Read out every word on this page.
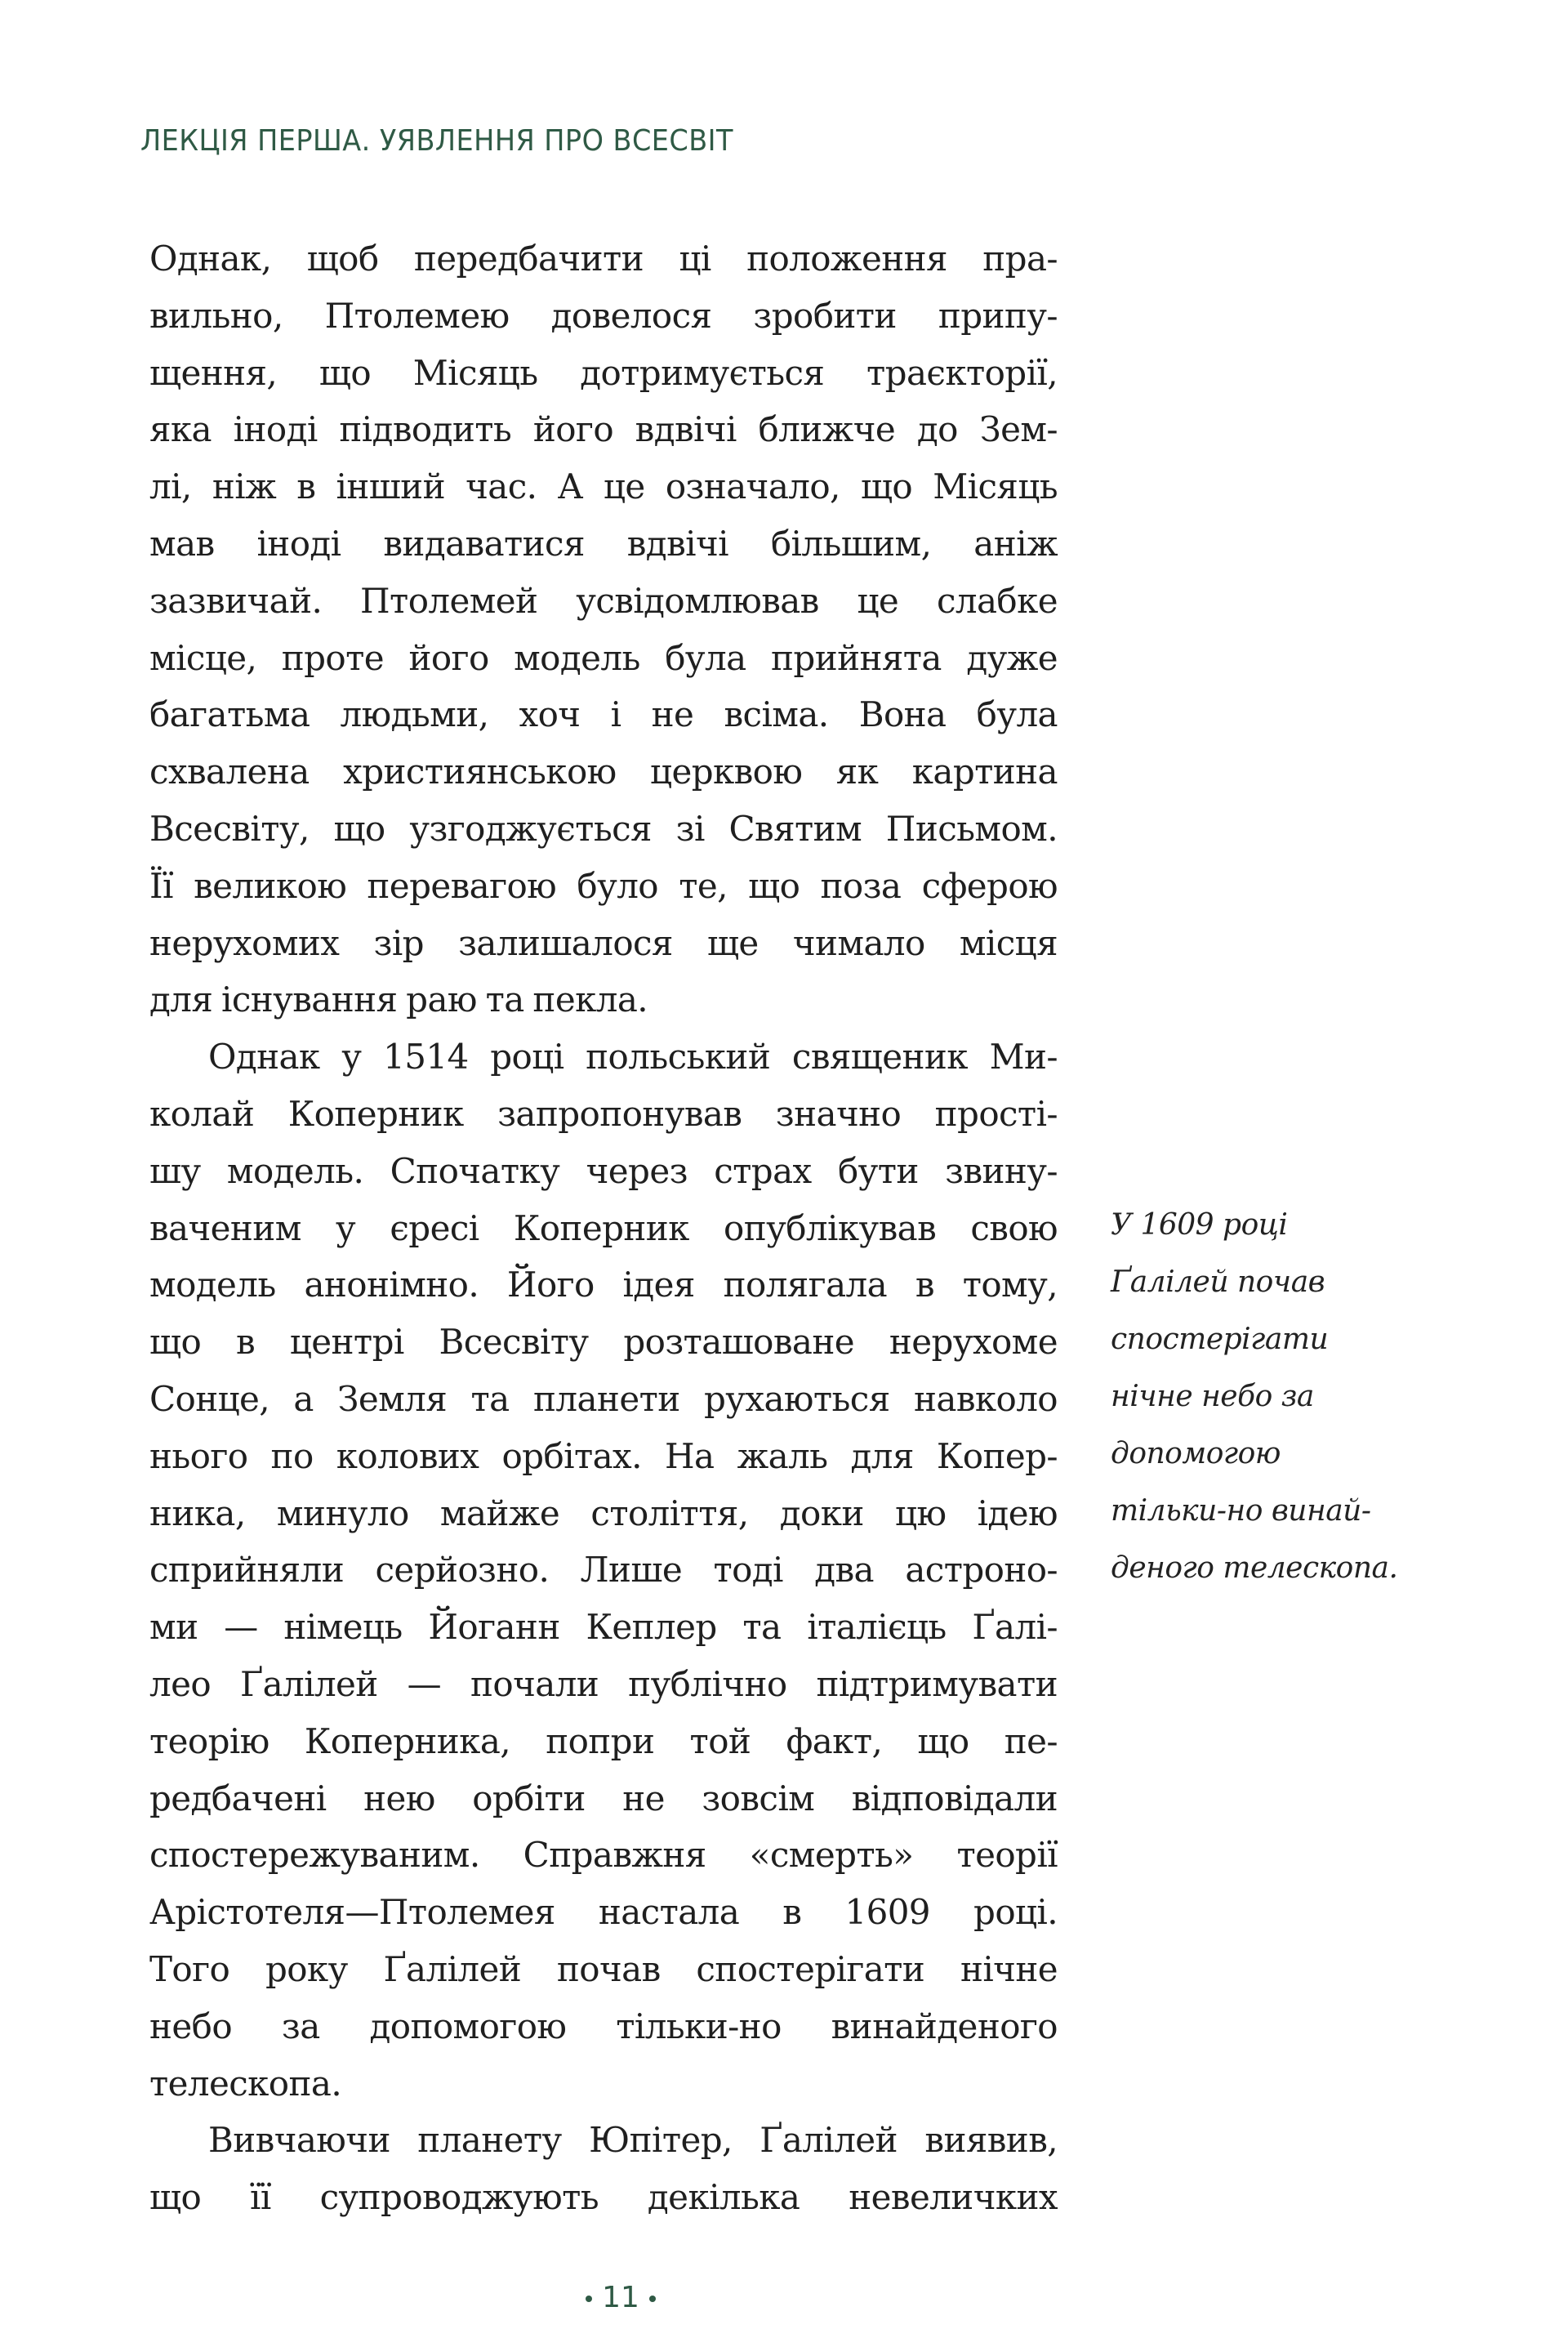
ЛЕКЦІЯ ПЕРША. УЯВЛЕННЯ ПРО ВСЕСВІТ
Однак, щоб передбачити ці положення пра-
вильно, Птолемею довелося зробити припу-
щення, що Місяць дотримується траєкторії,
яка іноді підводить його вдвічі ближче до Зем-
лі, ніж в інший час. А це означало, що Місяць
мав іноді видаватися вдвічі більшим, аніж
зазвичай. Птолемей усвідомлював це слабке
місце, проте його модель була прийнята дуже
багатьма людьми, хоч і не всіма. Вона була
схвалена християнською церквою як картина
Всесвіту, що узгоджується зі Святим Письмом.
Її великою перевагою було те, що поза сферою
нерухомих зір залишалося ще чимало місця
для існування раю та пекла.
Однак у 1514 році польський священик Ми-
колай Коперник запропонував значно прості-
шу модель. Спочатку через страх бути звину-
ваченим у єресі Коперник опублікував свою
модель анонімно. Його ідея полягала в тому,
що в центрі Всесвіту розташоване нерухоме
Сонце, а Земля та планети рухаються навколо
нього по колових орбітах. На жаль для Копер-
ника, минуло майже століття, доки цю ідею
сприйняли серйозно. Лише тоді два астроно-
ми — німець Йоганн Кеплер та італієць Ґалі-
лео Ґалілей — почали публічно підтримувати
теорію Коперника, попри той факт, що пе-
редбачені нею орбіти не зовсім відповідали
спостережуваним. Справжня «смерть» теорії
Арістотеля—Птолемея настала в 1609 році.
Того року Ґалілей почав спостерігати нічне
небо за допомогою тільки-но винайденого
телескопа.
Вивчаючи планету Юпітер, Ґалілей виявив,
що її супроводжують декілька невеличких
У 1609 році
Ґалілей почав
спостерігати
нічне небо за
допомогою
тільки-но винай-
деного телескопа.
11
